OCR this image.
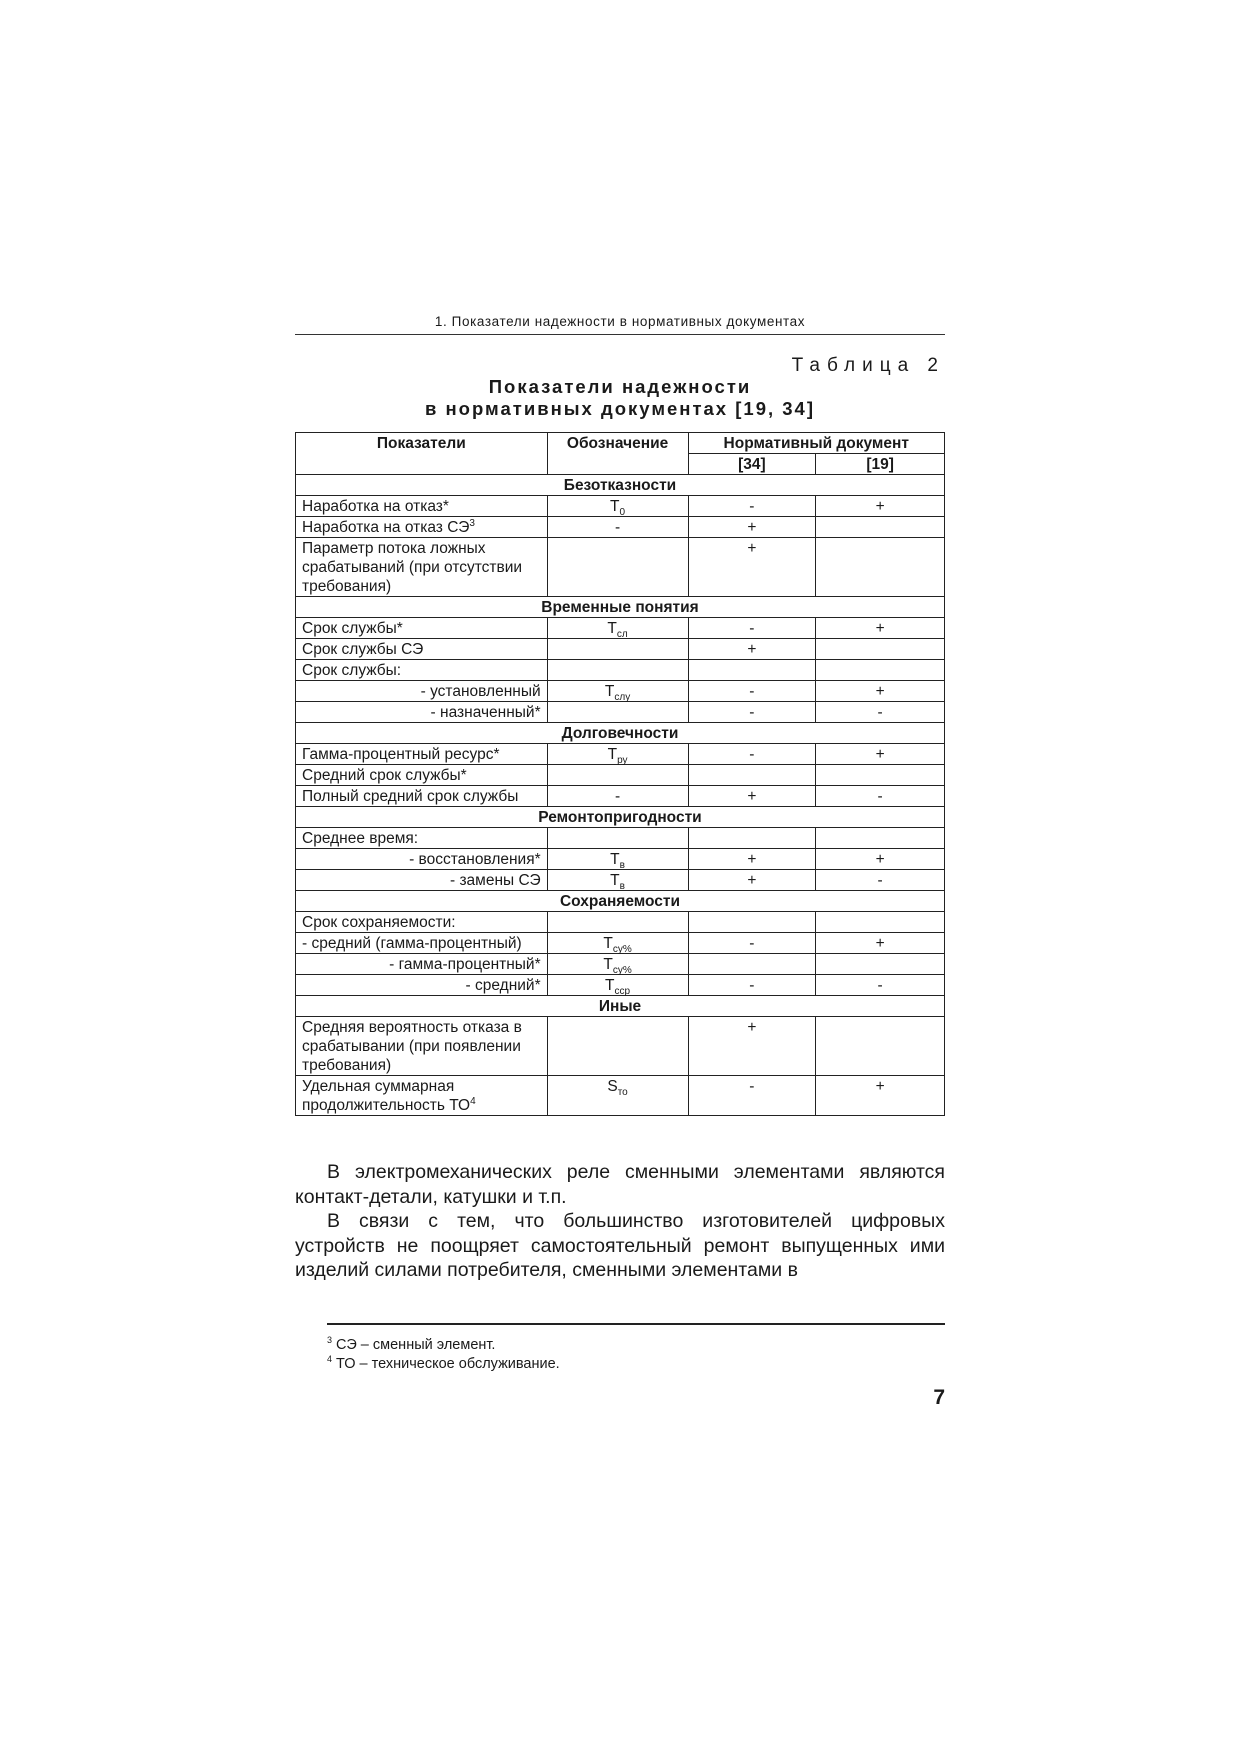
1. Показатели надежности в нормативных документах
Таблица 2
Показатели надежности
в нормативных документах [19, 34]
Показатели	Обозначение	Нормативный документ	
		[34]	[19]
Безотказности			
Наработка на отказ*	$Т_0$	-	+
Наработка на отказ $СЭ^3$	-	+	
Параметр потока ложных срабатываний (при отсутствии требования)		+	
Временные понятия			
Срок службы*	$Т_{сл}$	-	+
Срок службы СЭ		+	
Срок службы:			
- установленный	$Т_{слу}$	-	+
- назначенный*		-	-
Долговечности			
Гамма-процентный ресурс*	$Т_{ру}$	-	+
Средний срок службы*			
Полный средний срок службы	-	+	-
Ремонтопригодности			
Среднее время:			
- восстановления*	$Т_в$	+	+
- замены СЭ	$Т_в$	+	-
Сохраняемости			
Срок сохраняемости:			
- средний (гамма-процентный)	$Т_{су\%}$	-	+
- гамма-процентный*	$Т_{су\%}$		
- средний*	$Т_{сср}$	-	-
Иные			
Средняя вероятность отказа в срабатывании (при появлении требования)		+	
Удельная суммарная продолжительность $ТО^4$	$S_{то}$	-	+

В электромеханических реле сменными элементами являются контакт-детали, катушки и т.п.

В связи с тем, что большинство изготовителей цифровых устройств не поощряет самостоятельный ремонт выпущенных ими изделий силами потребителя, сменными элементами в

$^3$ СЭ – сменный элемент.
$^4$ ТО – техническое обслуживание.
7
